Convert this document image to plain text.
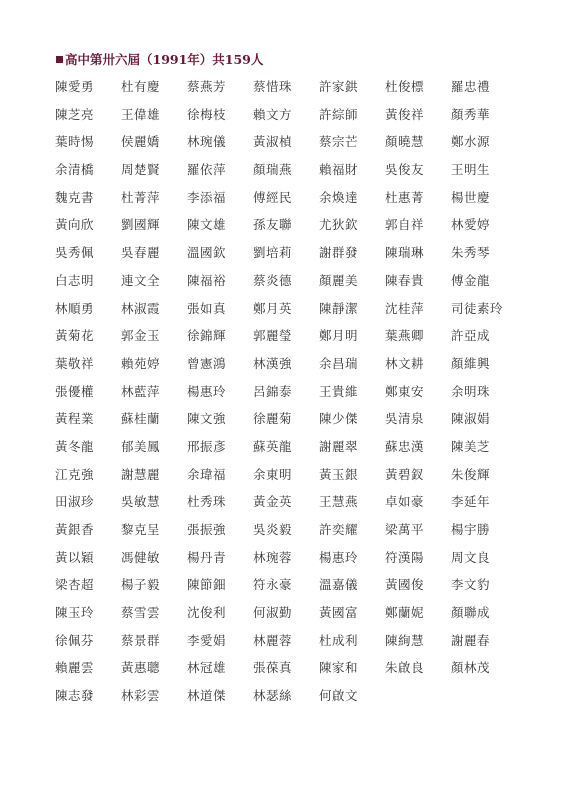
高中第卅六屆（1991年）共159人
陳愛勇	杜有慶	蔡燕芳	蔡惜珠	許家鉷	杜俊標	羅忠禮
陳芝亮	王偉雄	徐梅枝	賴文方	許綜師	黃俊祥	顏秀華
葉時惕	侯麗嬌	林琬儀	黃淑楨	蔡宗芒	顏曉慧	鄭水源
余清橋	周楚賢	羅依萍	顏瑞燕	賴福財	吳俊友	王明生
魏克書	杜菁萍	李添福	傅經民	余煥達	杜惠菁	楊世慶
黃向欣	劉國輝	陳文雄	孫友聯	尤狄欽	郭自祥	林愛婷
吳秀佩	吳春麗	溫國欽	劉培莉	謝群發	陳瑞琳	朱秀琴
白志明	連文全	陳福裕	蔡炎德	顏麗美	陳春貴	傅金龍
林順勇	林淑霞	張如真	鄭月英	陳靜潔	沈桂萍	司徒素玲
黃菊花	郭金玉	徐錦輝	郭麗瑩	鄭月明	葉燕卿	許亞成
葉敬祥	賴苑婷	曾憲鴻	林漢強	余昌瑞	林文耕	顏維興
張優權	林藍萍	楊惠玲	呂錦泰	王貴維	鄭東安	余明珠
黃程業	蘇桂蘭	陳文強	徐麗菊	陳少傑	吳清泉	陳淑娟
黃冬龍	郁美鳳	邢振彥	蘇英龍	謝麗翠	蘇忠漢	陳美芝
江克強	謝慧麗	余瑋福	余東明	黃玉銀	黃碧釵	朱俊輝
田淑珍	吳敏慧	杜秀珠	黃金英	王慧燕	卓如豪	李延年
黃銀香	黎克呈	張振強	吳炎毅	許奕耀	梁萬平	楊宇勝
黃以穎	馮健敏	楊丹青	林琬蓉	楊惠玲	符漢陽	周文良
梁杏超	楊子毅	陳節鈿	符永豪	溫嘉儀	黃國俊	李文豹
陳玉玲	蔡雪雲	沈俊利	何淑勤	黃國富	鄭蘭妮	顏聯成
徐佩芬	蔡景群	李愛娟	林麗蓉	杜成利	陳絢慧	謝麗春
賴麗雲	黃惠聰	林冠雄	張葆真	陳家和	朱啟良	顏林茂
陳志發	林彩雲	林道傑	林瑟絲	何啟文
